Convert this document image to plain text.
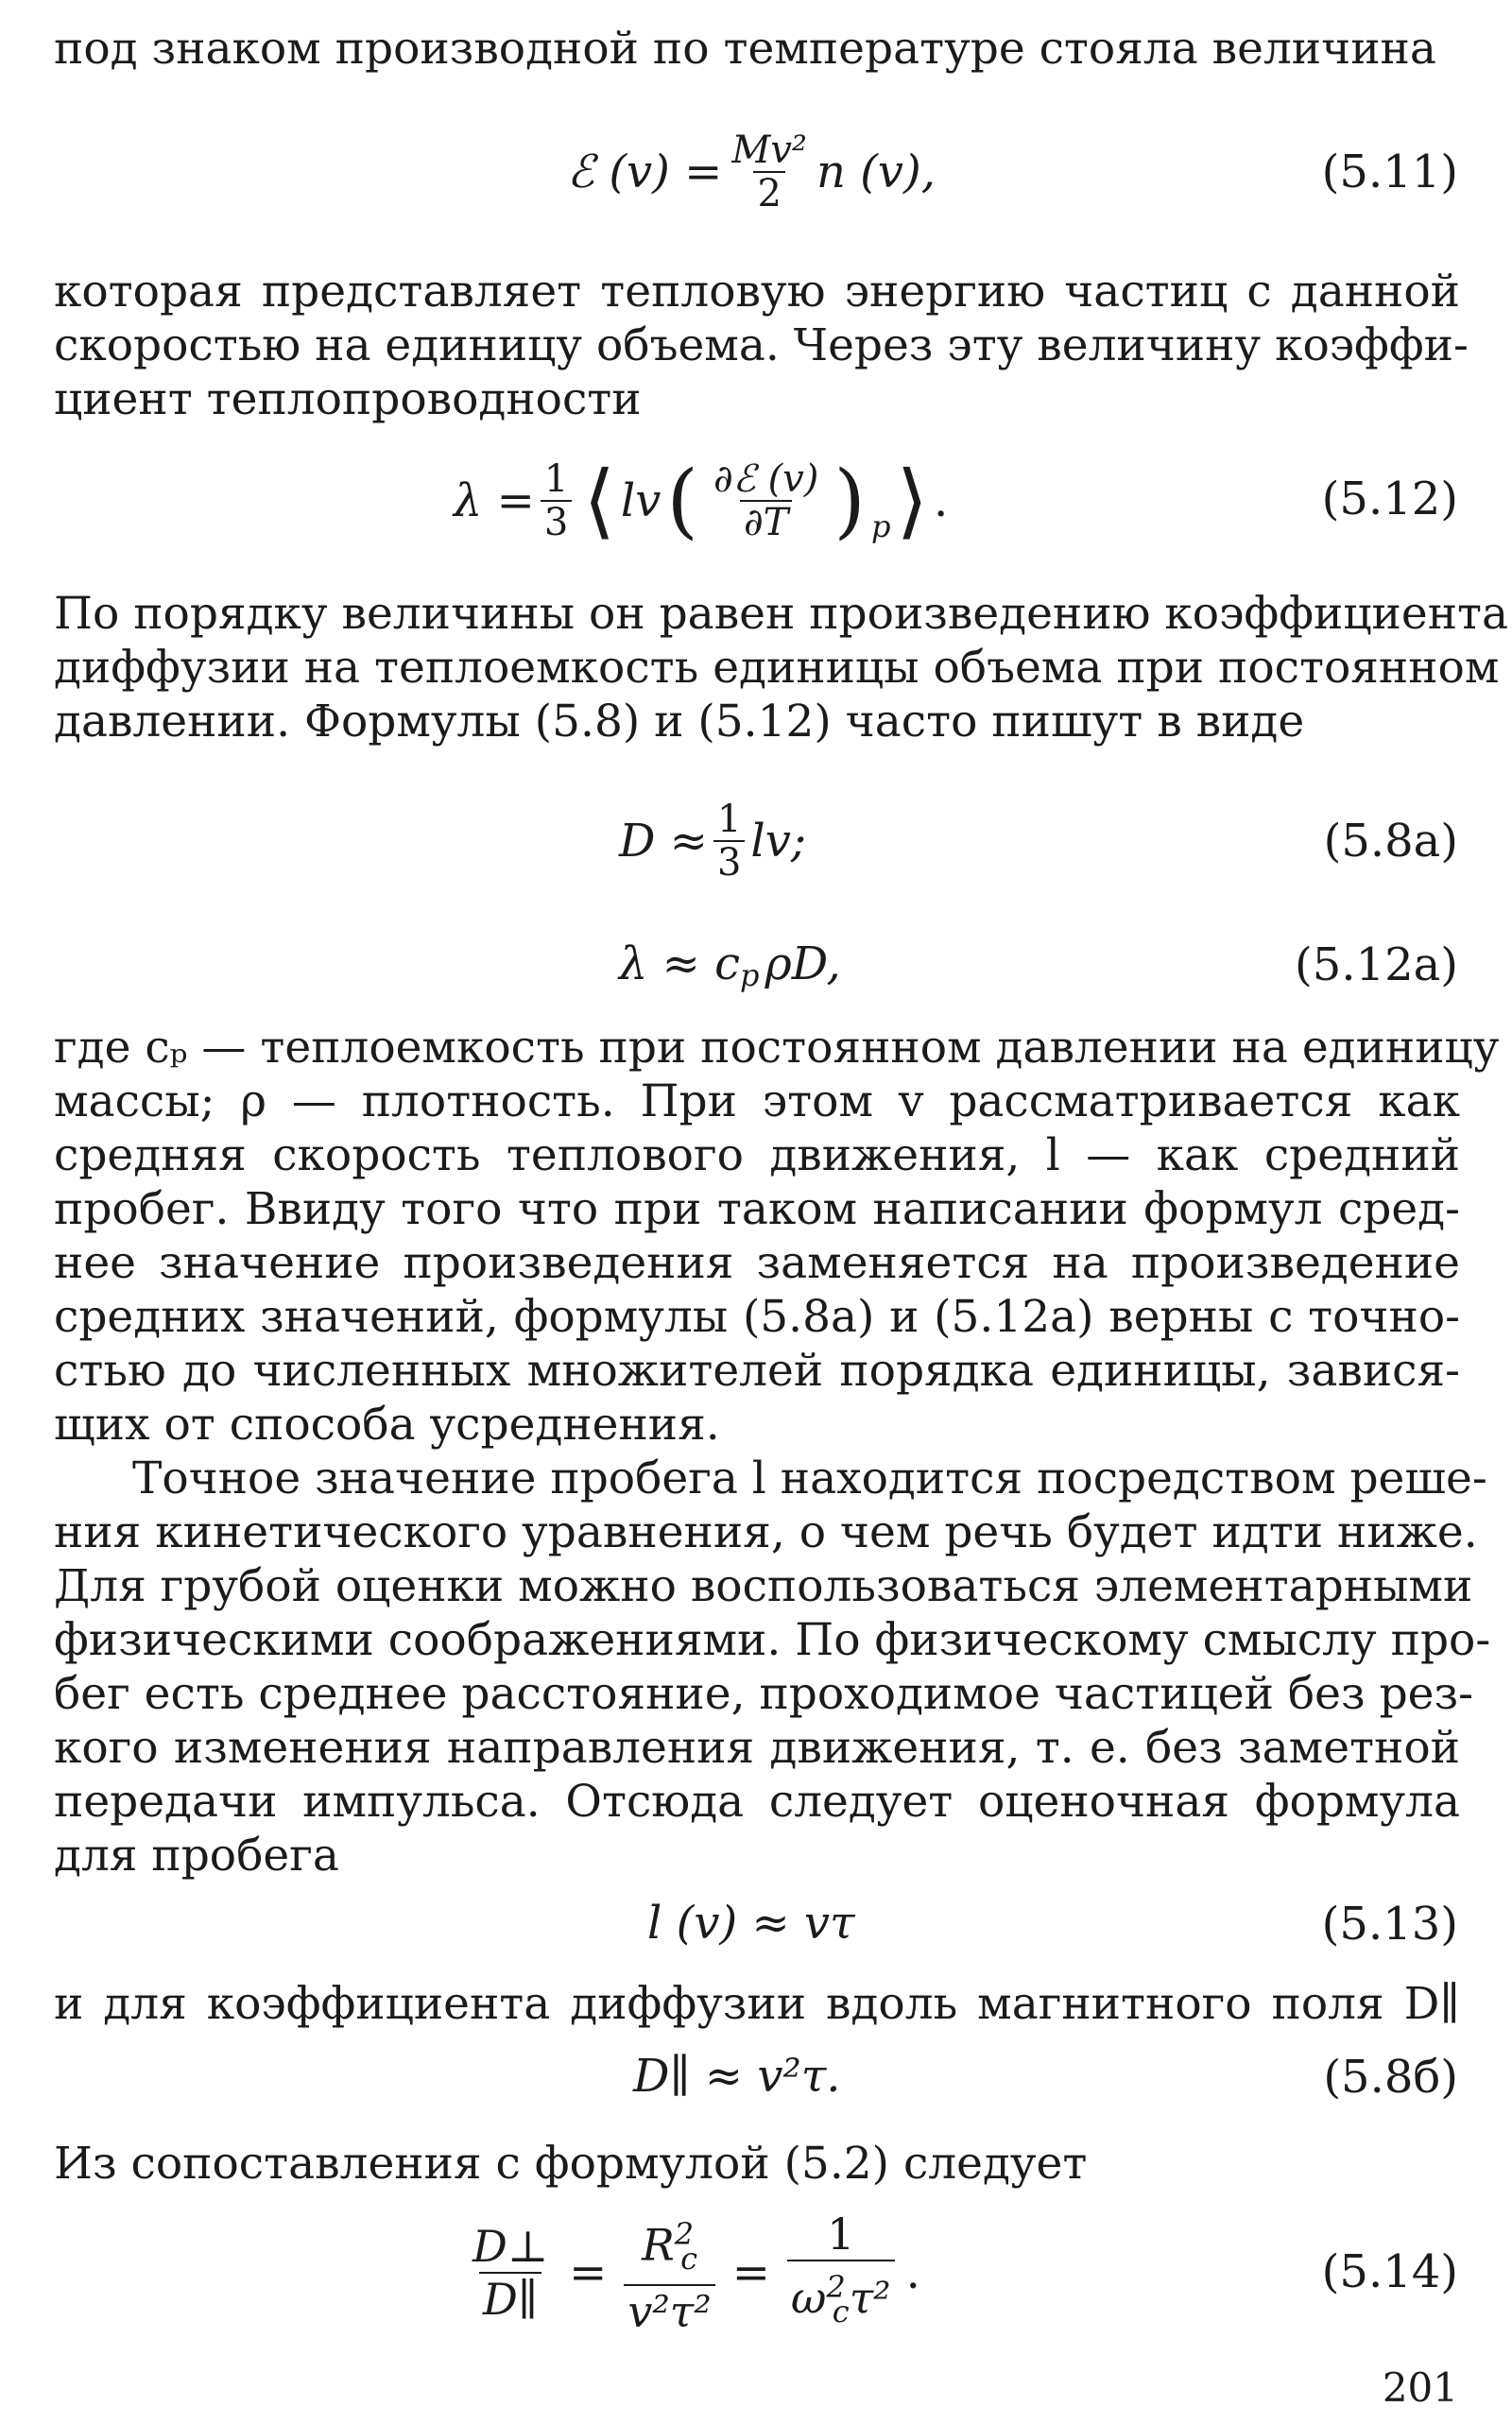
под знаком производной по температуре стояла величина
ℰ $(v) = \frac{\text{Mv²}}{2}$ n (v),	(5.11)
которая представляет тепловую энергию частиц с данной
скоростью на единицу объема. Через эту величину коэффи-
циент теплопроводности
$\lambda = \frac{1}{3}$ ⟨ lv ( $\frac{\text{∂ℰ (v)}}{\partial T}$ ) p ⟩ .	(5.12)
По порядку величины он равен произведению коэффициента
диффузии на теплоемкость единицы объема при постоянном
давлении. Формулы (5.8) и (5.12) часто пишут в виде
$D \approx \frac{1}{3}$ lv;	(5.8a)
λ ≈ c p ρD,	(5.12a)
где cₚ — теплоемкость при постоянном давлении на единицу
массы; ρ — плотность. При этом v рассматривается как
средняя скорость теплового движения, l — как средний
пробег. Ввиду того что при таком написании формул сред-
нее значение произведения заменяется на произведение
средних значений, формулы (5.8a) и (5.12a) верны с точно-
стью до численных множителей порядка единицы, завися-
щих от способа усреднения.
Точное значение пробега l находится посредством реше-
ния кинетического уравнения, о чем речь будет идти ниже.
Для грубой оценки можно воспользоваться элементарными
физическими соображениями. По физическому смыслу про-
бег есть среднее расстояние, проходимое частицей без рез-
кого изменения направления движения, т. е. без заметной
передачи импульса. Отсюда следует оценочная формула
для пробега
l (v) ≈ vτ	(5.13)
и для коэффициента диффузии вдоль магнитного поля D∥
D∥ ≈ v²τ.	(5.8б)
Из сопоставления с формулой (5.2) следует
$\frac{D\perp}{D\parallel} = \frac{R^2_c}{\text{v²τ²}} = \frac{1}{\omega^2_c\tau^2}$ .	(5.14)
201
